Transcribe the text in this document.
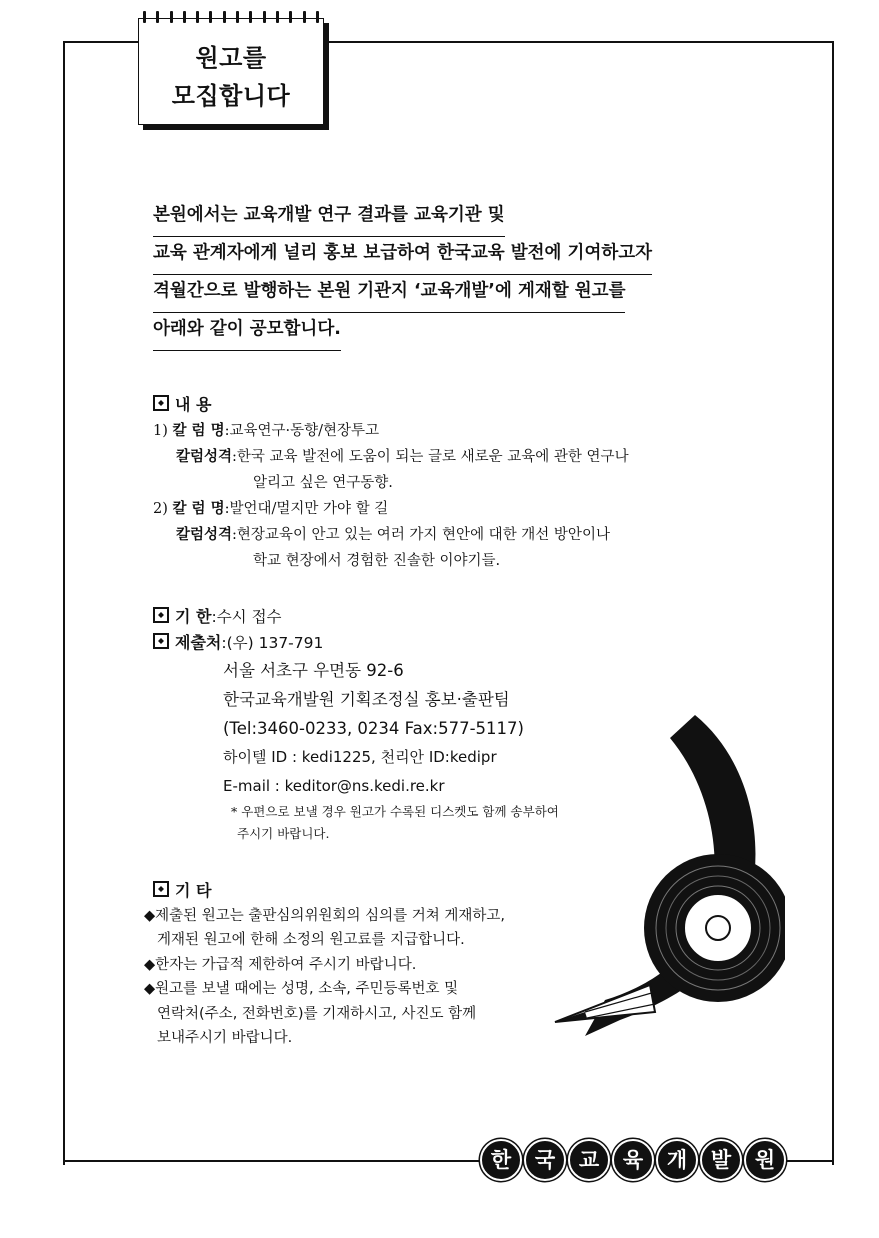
원고를
모집합니다
본원에서는 교육개발 연구 결과를 교육기관 및
교육 관계자에게 널리 홍보 보급하여 한국교육 발전에 기여하고자
격월간으로 발행하는 본원 기관지 ‘교육개발’에 게재할 원고를
아래와 같이 공모합니다.
내 용
1) 칼 럼 명:교육연구·동향/현장투고
칼럼성격:한국 교육 발전에 도움이 되는 글로 새로운 교육에 관한 연구나
알리고 싶은 연구동향.
2) 칼 럼 명:발언대/멀지만 가야 할 길
칼럼성격:현장교육이 안고 있는 여러 가지 현안에 대한 개선 방안이나
학교 현장에서 경험한 진솔한 이야기들.
기 한:수시 접수
제출처:(우) 137-791
서울 서초구 우면동 92-6
한국교육개발원 기획조정실 홍보·출판팀
(Tel:3460-0233, 0234 Fax:577-5117)
하이텔 ID : kedi1225, 천리안 ID:kedipr
E-mail : keditor@ns.kedi.re.kr
* 우편으로 보낼 경우 원고가 수록된 디스켓도 함께 송부하여
주시기 바랍니다.
기 타
◆제출된 원고는 출판심의위원회의 심의를 거쳐 게재하고,
게재된 원고에 한해 소정의 원고료를 지급합니다.
◆한자는 가급적 제한하여 주시기 바랍니다.
◆원고를 보낼 때에는 성명, 소속, 주민등록번호 및
연락처(주소, 전화번호)를 기재하시고, 사진도 함께
보내주시기 바랍니다.
한	국	교	육	개	발	원
